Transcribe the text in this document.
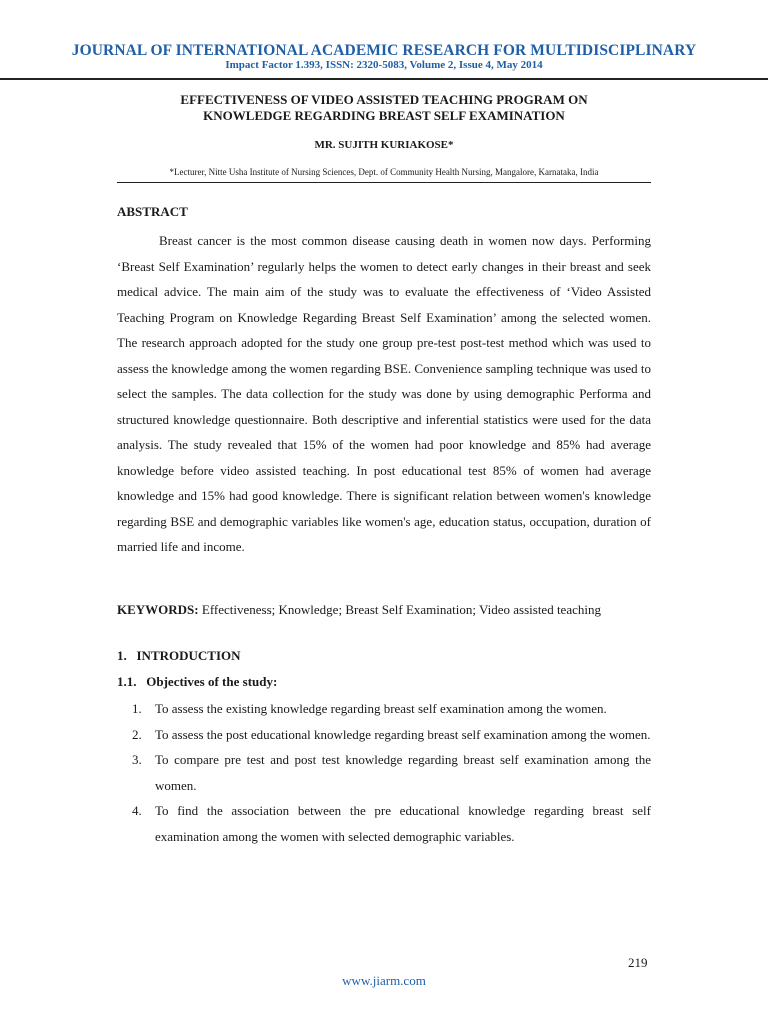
JOURNAL OF INTERNATIONAL ACADEMIC RESEARCH FOR MULTIDISCIPLINARY
Impact Factor 1.393, ISSN: 2320-5083, Volume 2, Issue 4, May 2014
EFFECTIVENESS OF VIDEO ASSISTED TEACHING PROGRAM ON
KNOWLEDGE REGARDING BREAST SELF EXAMINATION
MR. SUJITH KURIAKOSE*
*Lecturer, Nitte Usha Institute of Nursing Sciences, Dept. of Community Health Nursing, Mangalore, Karnataka, India
ABSTRACT

Breast cancer is the most common disease causing death in women now days. Performing ‘Breast Self Examination’ regularly helps the women to detect early changes in their breast and seek medical advice. The main aim of the study was to evaluate the effectiveness of ‘Video Assisted Teaching Program on Knowledge Regarding Breast Self Examination’ among the selected women. The research approach adopted for the study one group pre-test post-test method which was used to assess the knowledge among the women regarding BSE. Convenience sampling technique was used to select the samples. The data collection for the study was done by using demographic Performa and structured knowledge questionnaire. Both descriptive and inferential statistics were used for the data analysis. The study revealed that 15% of the women had poor knowledge and 85% had average knowledge before video assisted teaching. In post educational test 85% of women had average knowledge and 15% had good knowledge. There is significant relation between women's knowledge regarding BSE and demographic variables like women's age, education status, occupation, duration of married life and income.

KEYWORDS: Effectiveness; Knowledge; Breast Self Examination; Video assisted teaching

1.   INTRODUCTION
1.1.   Objectives of the study:
1. To assess the existing knowledge regarding breast self examination among the women.
2. To assess the post educational knowledge regarding breast self examination among the women.
3. To compare pre test and post test knowledge regarding breast self examination among the women.
4. To find the association between the pre educational knowledge regarding breast self examination among the women with selected demographic variables.
219
www.jiarm.com
